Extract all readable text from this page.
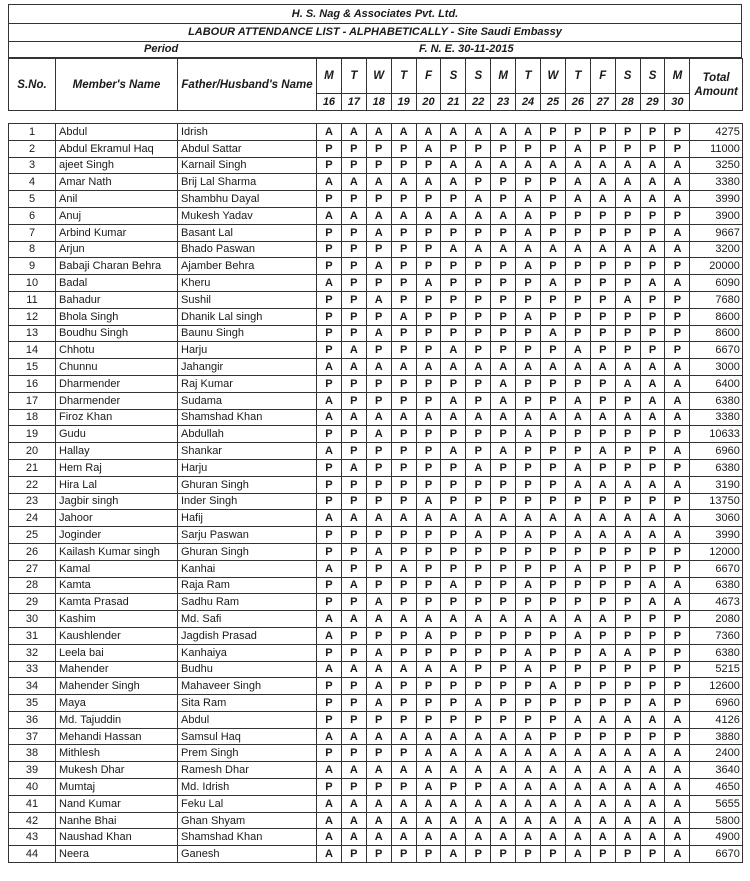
H. S. Nag & Associates Pvt. Ltd.
LABOUR ATTENDANCE LIST - ALPHABETICALLY - Site Saudi Embassy
Period	F. N. E. 30-11-2015
S.No.	Member's Name	Father/Husband's Name	M	T	W	T	F	S	S	M	T	W	T	F	S	S	M	Total
Amount

			16	17	18	19	20	21	22	23	24	25	26	27	28	29	30	

1	Abdul	Idrish	A	A	A	A	A	A	A	A	A	P	P	P	P	P	P	4275
2	Abdul Ekramul Haq	Abdul Sattar	P	P	P	P	A	P	P	P	P	P	A	P	P	P	P	11000
3	ajeet Singh	Karnail Singh	P	P	P	P	P	A	A	A	A	A	A	A	A	A	A	3250
4	Amar Nath	Brij Lal Sharma	A	A	A	A	A	A	P	P	P	P	A	A	A	A	A	3380
5	Anil	Shambhu Dayal	P	P	P	P	P	P	A	P	A	P	A	A	A	A	A	3990
6	Anuj	Mukesh Yadav	A	A	A	A	A	A	A	A	A	P	P	P	P	P	P	3900
7	Arbind Kumar	Basant Lal	P	P	A	P	P	P	P	P	A	P	P	P	P	P	A	9667
8	Arjun	Bhado Paswan	P	P	P	P	P	A	A	A	A	A	A	A	A	A	A	3200
9	Babaji Charan Behra	Ajamber Behra	P	P	A	P	P	P	P	P	A	P	P	P	P	P	P	20000
10	Badal	Kheru	A	P	P	P	A	P	P	P	P	A	P	P	P	A	A	6090
11	Bahadur	Sushil	P	P	A	P	P	P	P	P	P	P	P	P	A	P	P	7680
12	Bhola Singh	Dhanik Lal singh	P	P	P	A	P	P	P	P	A	P	P	P	P	P	P	8600
13	Boudhu Singh	Baunu Singh	P	P	A	P	P	P	P	P	P	A	P	P	P	P	P	8600
14	Chhotu	Harju	P	A	P	P	P	A	P	P	P	P	A	P	P	P	P	6670
15	Chunnu	Jahangir	A	A	A	A	A	A	A	A	A	A	A	A	A	A	A	3000
16	Dharmender	Raj Kumar	P	P	P	P	P	P	P	A	P	P	P	P	A	A	A	6400
17	Dharmender	Sudama	A	P	P	P	P	A	P	A	P	P	A	P	P	A	A	6380
18	Firoz Khan	Shamshad Khan	A	A	A	A	A	A	A	A	A	A	A	A	A	A	A	3380
19	Gudu	Abdullah	P	P	A	P	P	P	P	P	A	P	P	P	P	P	P	10633
20	Hallay	Shankar	A	P	P	P	P	A	P	A	P	P	P	A	P	P	A	6960
21	Hem Raj	Harju	P	A	P	P	P	P	A	P	P	P	A	P	P	P	P	6380
22	Hira Lal	Ghuran Singh	P	P	P	P	P	P	P	P	P	P	A	A	A	A	A	3190
23	Jagbir singh	Inder Singh	P	P	P	P	A	P	P	P	P	P	P	P	P	P	P	13750
24	Jahoor	Hafij	A	A	A	A	A	A	A	A	A	A	A	A	A	A	A	3060
25	Joginder	Sarju Paswan	P	P	P	P	P	P	A	P	A	P	A	A	A	A	A	3990
26	Kailash Kumar singh	Ghuran Singh	P	P	A	P	P	P	P	P	P	P	P	P	P	P	P	12000
27	Kamal	Kanhai	A	P	P	A	P	P	P	P	P	P	A	P	P	P	P	6670
28	Kamta	Raja Ram	P	A	P	P	P	A	P	P	A	P	P	P	P	A	A	6380
29	Kamta Prasad	Sadhu Ram	P	P	A	P	P	P	P	P	P	P	P	P	P	A	A	4673
30	Kashim	Md. Safi	A	A	A	A	A	A	A	A	A	A	A	A	P	P	P	2080
31	Kaushlender	Jagdish Prasad	A	P	P	P	A	P	P	P	P	P	A	P	P	P	P	7360
32	Leela bai	Kanhaiya	P	P	A	P	P	P	P	P	A	P	P	A	A	P	P	6380
33	Mahender	Budhu	A	A	A	A	A	A	P	P	A	P	P	P	P	P	P	5215
34	Mahender Singh	Mahaveer Singh	P	P	A	P	P	P	P	P	P	A	P	P	P	P	P	12600
35	Maya	Sita Ram	P	P	A	P	P	P	A	P	P	P	P	P	P	A	P	6960
36	Md. Tajuddin	Abdul	P	P	P	P	P	P	P	P	P	P	A	A	A	A	A	4126
37	Mehandi Hassan	Samsul Haq	A	A	A	A	A	A	A	A	A	P	P	P	P	P	P	3880
38	Mithlesh	Prem Singh	P	P	P	P	A	A	A	A	A	A	A	A	A	A	A	2400
39	Mukesh Dhar	Ramesh Dhar	A	A	A	A	A	A	A	A	A	A	A	A	A	A	A	3640
40	Mumtaj	Md. Idrish	P	P	P	P	A	P	P	A	A	A	A	A	A	A	A	4650
41	Nand Kumar	Feku Lal	A	A	A	A	A	A	A	A	A	A	A	A	A	A	A	5655
42	Nanhe Bhai	Ghan Shyam	A	A	A	A	A	A	A	A	A	A	A	A	A	A	A	5800
43	Naushad Khan	Shamshad Khan	A	A	A	A	A	A	A	A	A	A	A	A	A	A	A	4900
44	Neera	Ganesh	A	P	P	P	P	A	P	P	P	P	A	P	P	P	A	6670
